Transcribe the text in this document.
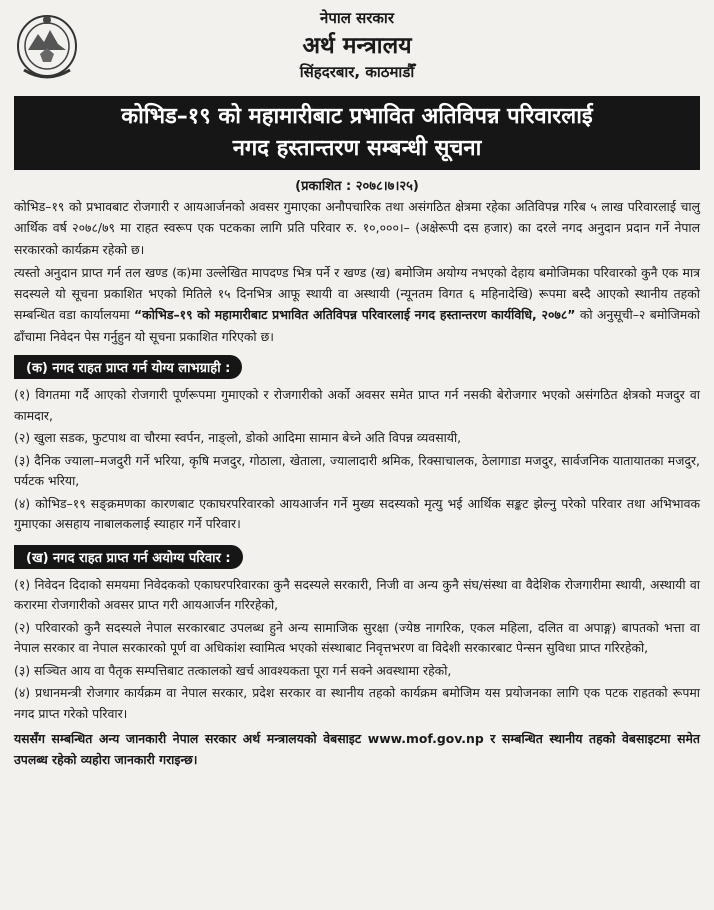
नेपाल सरकार
अर्थ मन्त्रालय
सिंहदरबार, काठमाडौँ
कोभिड–१९ को महामारीबाट प्रभावित अतिविपन्न परिवारलाई
नगद हस्तान्तरण सम्बन्धी सूचना
(प्रकाशित : २०७८।७।२५)
कोभिड–१९ को प्रभावबाट रोजगारी र आयआर्जनको अवसर गुमाएका अनौपचारिक तथा असंगठित क्षेत्रमा रहेका अतिविपन्न गरिब ५ लाख परिवारलाई चालु आर्थिक वर्ष २०७८/७९ मा राहत स्वरूप एक पटकका लागि प्रति परिवार रु. १०,०००।– (अक्षेरूपी दस हजार) का दरले नगद अनुदान प्रदान गर्ने नेपाल सरकारको कार्यक्रम रहेको छ।
त्यस्तो अनुदान प्राप्त गर्न तल खण्ड (क)मा उल्लेखित मापदण्ड भित्र पर्ने र खण्ड (ख) बमोजिम अयोग्य नभएको देहाय बमोजिमका परिवारको कुनै एक मात्र सदस्यले यो सूचना प्रकाशित भएको मितिले १५ दिनभित्र आफू स्थायी वा अस्थायी (न्यूनतम विगत ६ महिनादेखि) रूपमा बस्दै आएको स्थानीय तहको सम्बन्धित वडा कार्यालयमा “कोभिड–१९ को महामारीबाट प्रभावित अतिविपन्न परिवारलाई नगद हस्तान्तरण कार्यविधि, २०७८” को अनुसूची–२ बमोजिमको ढाँचामा निवेदन पेस गर्नुहुन यो सूचना प्रकाशित गरिएको छ।
(क) नगद राहत प्राप्त गर्न योग्य लाभग्राही :
(१) विगतमा गर्दै आएको रोजगारी पूर्णरूपमा गुमाएको र रोजगारीको अर्को अवसर समेत प्राप्त गर्न नसकी बेरोजगार भएको असंगठित क्षेत्रको मजदुर वा कामदार,
(२) खुला सडक, फुटपाथ वा चौरमा स्वर्पन, नाङ्लो, डोको आदिमा सामान बेच्ने अति विपन्न व्यवसायी,
(३) दैनिक ज्याला–मजदुरी गर्ने भरिया, कृषि मजदुर, गोठाला, खेताला, ज्यालादारी श्रमिक, रिक्सा‍चालक, ठेलागाडा मजदुर, सार्वजनिक यातायातका मजदुर, पर्यटक भरिया,
(४) कोभिड–१९ सङ्क्रमणका कारणबाट एकाघरपरिवारको आयआर्जन गर्ने मुख्य सदस्यको मृत्यु भई आर्थिक सङ्कट झेल्नु परेको परिवार तथा अभिभावक गुमाएका असहाय नाबालकलाई स्याहार गर्ने परिवार।
(ख) नगद राहत प्राप्त गर्न अयोग्य परिवार :
(१) निवेदन दिदाको समयमा निवेदकको एकाघरपरिवारका कुनै सदस्यले सरकारी, निजी वा अन्य कुनै संघ/संस्था वा वैदेशिक रोजगारीमा स्थायी, अस्थायी वा करारमा रोजगारीको अवसर प्राप्त गरी आयआर्जन गरिरहेको,
(२) परिवारको कुनै सदस्यले नेपाल सरकारबाट उपलब्ध हुने अन्य सामाजिक सुरक्षा (ज्येष्ठ नागरिक, एकल महिला, दलित वा अपाङ्ग) बापतको भत्ता वा नेपाल सरकार वा नेपाल सरकारको पूर्ण वा अधिकांश स्वामित्व भएको संस्थाबाट निवृत्तभरण वा विदेशी सरकारबाट पेन्सन सुविधा प्राप्त गरिरहेको,
(३) सञ्चित आय वा पैतृक सम्पत्तिबाट तत्कालको खर्च आवश्यकता पूरा गर्न सक्ने अवस्थामा रहेको,
(४) प्रधानमन्त्री रोजगार कार्यक्रम वा नेपाल सरकार, प्रदेश सरकार वा स्थानीय तहको कार्यक्रम बमोजिम यस प्रयोजनका लागि एक पटक राहतको रूपमा नगद प्राप्त गरेको परिवार।
यससँग सम्बन्धित अन्य जानकारी नेपाल सरकार अर्थ मन्त्रालयको वेबसाइट www.mof.gov.np र सम्बन्धित स्थानीय तहको वेबसाइटमा समेत उपलब्ध रहेको व्यहोरा जानकारी गराइन्छ।
